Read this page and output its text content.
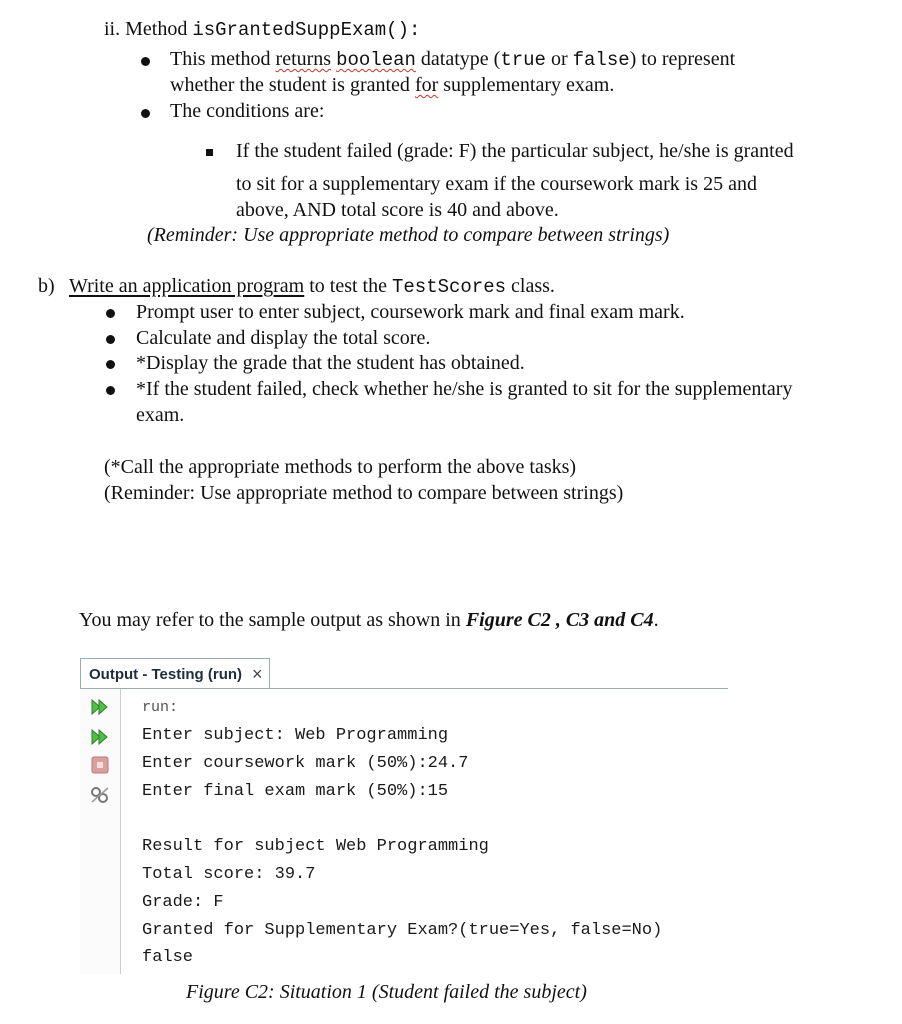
ii. Method isGrantedSuppExam():
This method returns boolean datatype (true or false) to represent
whether the student is granted for supplementary exam.
The conditions are:
If the student failed (grade: F) the particular subject, he/she is granted
to sit for a supplementary exam if the coursework mark is 25 and
above, AND total score is 40 and above.
(Reminder: Use appropriate method to compare between strings)
b) Write an application program to test the TestScores class.
Prompt user to enter subject, coursework mark and final exam mark.
Calculate and display the total score.
*Display the grade that the student has obtained.
*If the student failed, check whether he/she is granted to sit for the supplementary
exam.
(*Call the appropriate methods to perform the above tasks)
(Reminder: Use appropriate method to compare between strings)
You may refer to the sample output as shown in Figure C2 , C3 and C4.
Output - Testing (run) ×
run:
Enter subject: Web Programming
Enter coursework mark (50%):24.7
Enter final exam mark (50%):15
Result for subject Web Programming
Total score: 39.7
Grade: F
Granted for Supplementary Exam?(true=Yes, false=No)
false
Figure C2: Situation 1 (Student failed the subject)
